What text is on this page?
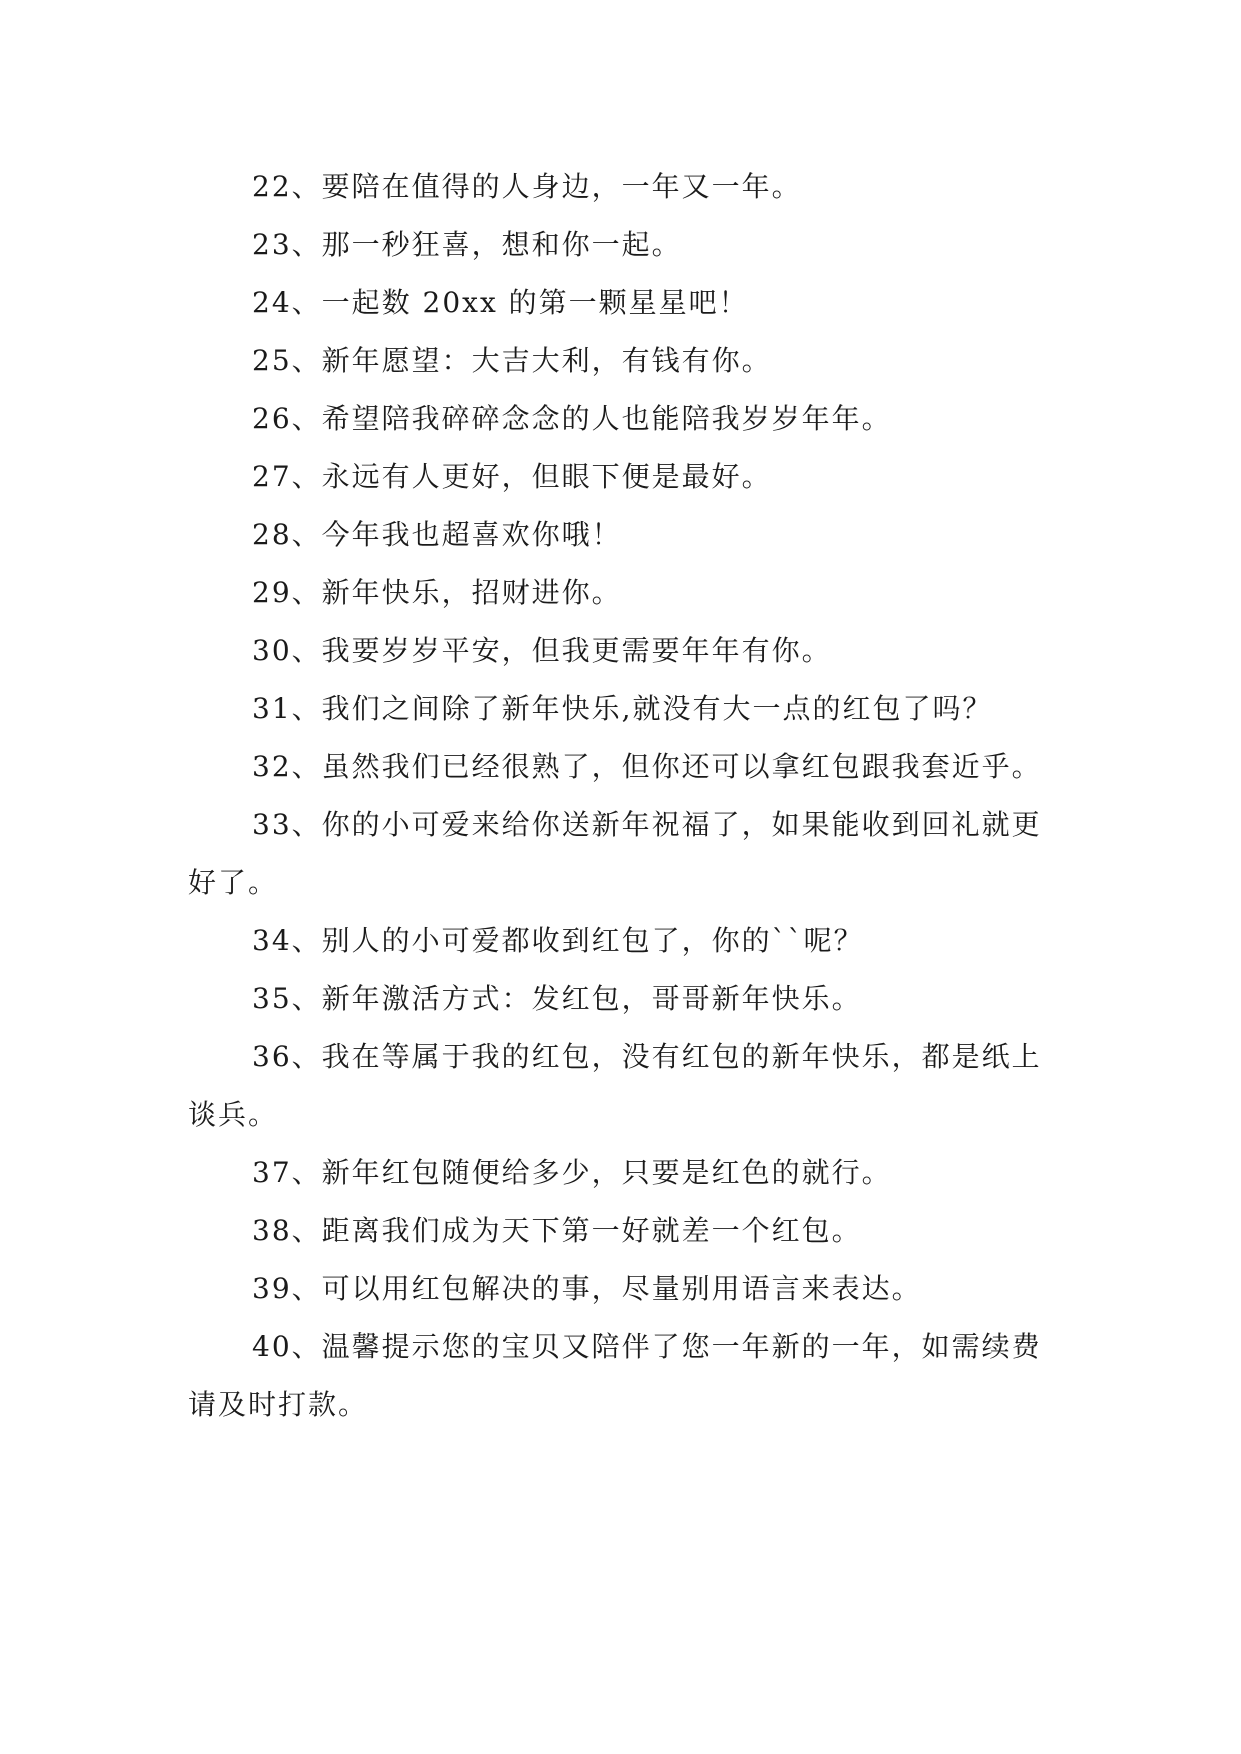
22、要陪在值得的人身边，一年又一年。

23、那一秒狂喜，想和你一起。

24、一起数 20xx 的第一颗星星吧！

25、新年愿望：大吉大利，有钱有你。

26、希望陪我碎碎念念的人也能陪我岁岁年年。

27、永远有人更好，但眼下便是最好。

28、今年我也超喜欢你哦！

29、新年快乐，招财进你。

30、我要岁岁平安，但我更需要年年有你。

31、我们之间除了新年快乐,就没有大一点的红包了吗？

32、虽然我们已经很熟了，但你还可以拿红包跟我套近乎。

33、你的小可爱来给你送新年祝福了，如果能收到回礼就更好了。

34、别人的小可爱都收到红包了，你的``呢？

35、新年激活方式：发红包，哥哥新年快乐。

36、我在等属于我的红包，没有红包的新年快乐，都是纸上谈兵。

37、新年红包随便给多少，只要是红色的就行。

38、距离我们成为天下第一好就差一个红包。

39、可以用红包解决的事，尽量别用语言来表达。

40、温馨提示您的宝贝又陪伴了您一年新的一年，如需续费请及时打款。
